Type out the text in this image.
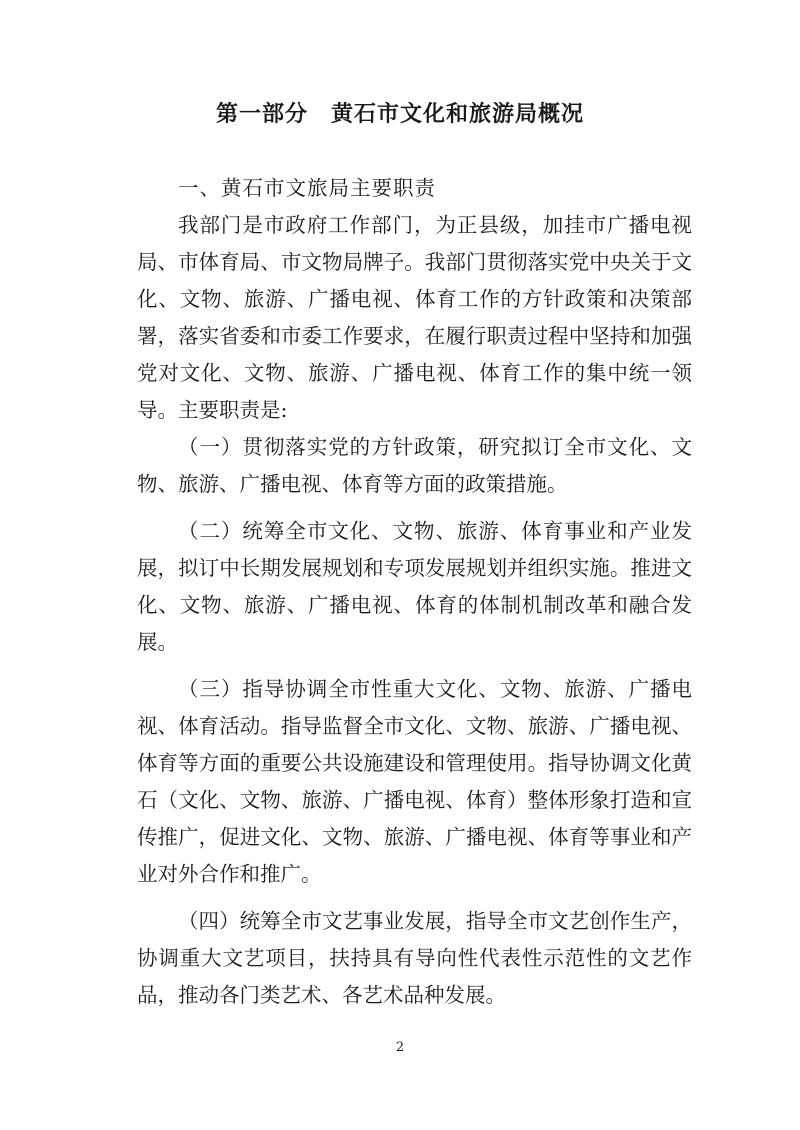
第一部分　黄石市文化和旅游局概况

一、黄石市文旅局主要职责

我部门是市政府工作部门，为正县级，加挂市广播电视局、市体育局、市文物局牌子。我部门贯彻落实党中央关于文化、文物、旅游、广播电视、体育工作的方针政策和决策部署，落实省委和市委工作要求，在履行职责过程中坚持和加强党对文化、文物、旅游、广播电视、体育工作的集中统一领导。主要职责是:

（一）贯彻落实党的方针政策，研究拟订全市文化、文物、旅游、广播电视、体育等方面的政策措施。

（二）统筹全市文化、文物、旅游、体育事业和产业发展，拟订中长期发展规划和专项发展规划并组织实施。推进文化、文物、旅游、广播电视、体育的体制机制改革和融合发展。

（三）指导协调全市性重大文化、文物、旅游、广播电视、体育活动。指导监督全市文化、文物、旅游、广播电视、体育等方面的重要公共设施建设和管理使用。指导协调文化黄石（文化、文物、旅游、广播电视、体育）整体形象打造和宣传推广，促进文化、文物、旅游、广播电视、体育等事业和产业对外合作和推广。

（四）统筹全市文艺事业发展，指导全市文艺创作生产，协调重大文艺项目，扶持具有导向性代表性示范性的文艺作品，推动各门类艺术、各艺术品种发展。

2
